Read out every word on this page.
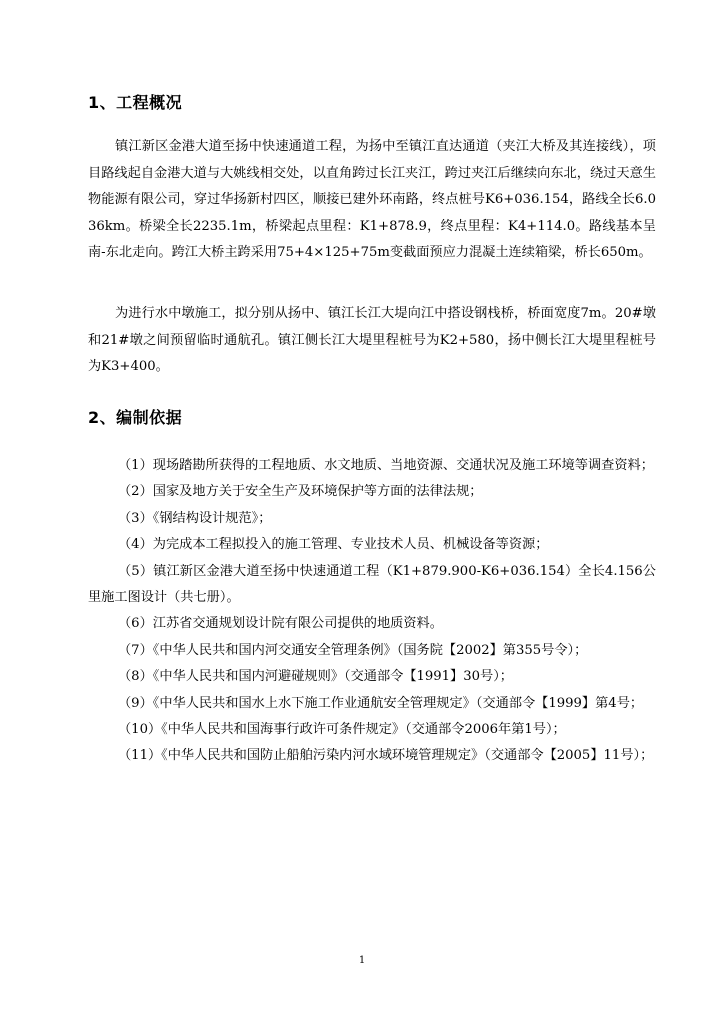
1、工程概况

镇江新区金港大道至扬中快速通道工程，为扬中至镇江直达通道（夹江大桥及其连接线），项目路线起自金港大道与大姚线相交处，以直角跨过长江夹江，跨过夹江后继续向东北，绕过天意生物能源有限公司，穿过华扬新村四区，顺接已建外环南路，终点桩号K6+036.154，路线全长6.036km。桥梁全长2235.1m，桥梁起点里程：K1+878.9，终点里程：K4+114.0。路线基本呈南-东北走向。跨江大桥主跨采用75+4×125+75m变截面预应力混凝土连续箱梁，桥长650m。

为进行水中墩施工，拟分别从扬中、镇江长江大堤向江中搭设钢栈桥，桥面宽度7m。20#墩和21#墩之间预留临时通航孔。镇江侧长江大堤里程桩号为K2+580，扬中侧长江大堤里程桩号为K3+400。

2、编制依据

（1）现场踏勘所获得的工程地质、水文地质、当地资源、交通状况及施工环境等调查资料；

（2）国家及地方关于安全生产及环境保护等方面的法律法规；

（3）《钢结构设计规范》；

（4）为完成本工程拟投入的施工管理、专业技术人员、机械设备等资源；

（5）镇江新区金港大道至扬中快速通道工程（K1+879.900-K6+036.154）全长4.156公里施工图设计（共七册）。

（6）江苏省交通规划设计院有限公司提供的地质资料。

（7）《中华人民共和国内河交通安全管理条例》（国务院【2002】第355号令）；

（8）《中华人民共和国内河避碰规则》（交通部令【1991】30号）；

（9）《中华人民共和国水上水下施工作业通航安全管理规定》（交通部令【1999】第4号；

（10）《中华人民共和国海事行政许可条件规定》（交通部令2006年第1号）；

（11）《中华人民共和国防止船舶污染内河水域环境管理规定》（交通部令【2005】11号）；

1
